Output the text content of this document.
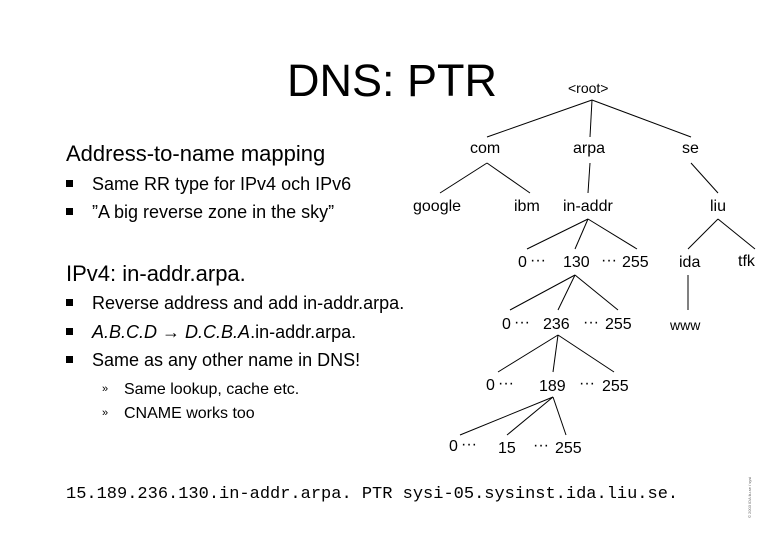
DNS: PTR
Address-to-name mapping
Same RR type for IPv4 och IPv6
”A big reverse zone in the sky”
IPv4: in-addr.arpa.
Reverse address and add in-addr.arpa.
A.B.C.D → D.C.B.A.in-addr.arpa.
Same as any other name in DNS!
» Same lookup, cache etc.
» CNAME works too
<root>
com	arpa	se
google	ibm in-addr	liu
0 ··· 130 ··· 255 ida tfk
0 ··· 236 ··· 255	www
0 ··· 189 ··· 255
0 ··· 15 ··· 255
15.189.236.130.in-addr.arpa. PTR sysi-05.sysinst.ida.liu.se.	© 2003 IDA liu.se / sysi
